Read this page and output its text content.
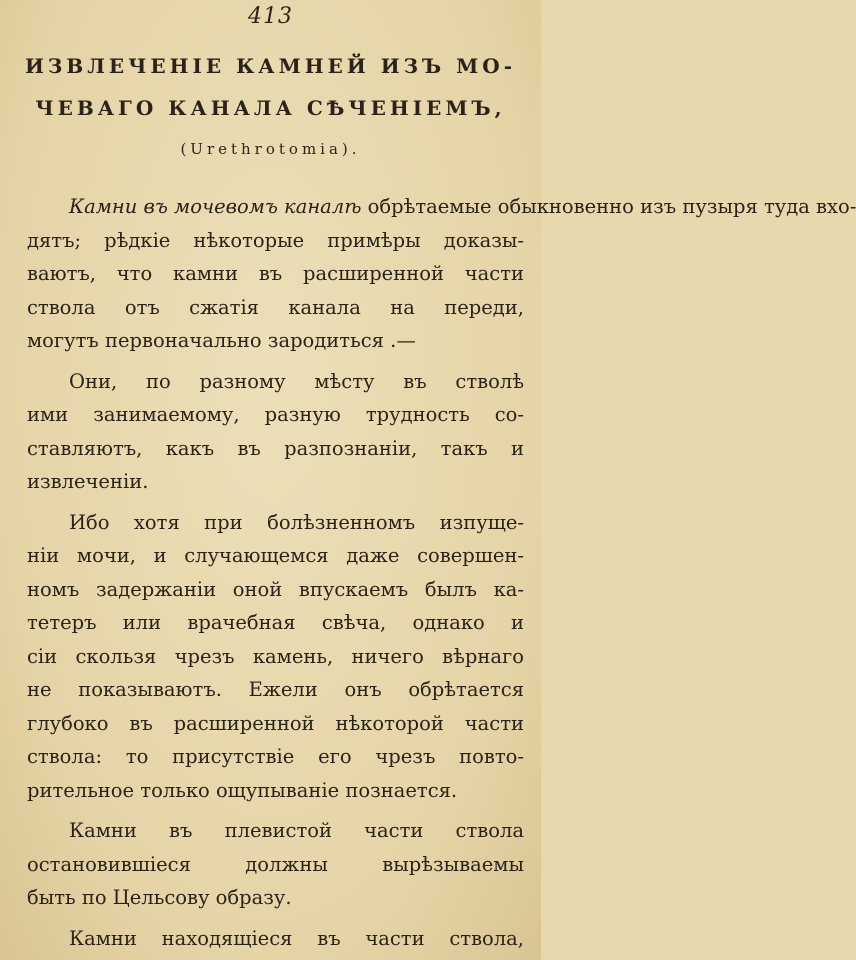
413
ИЗВЛЕЧЕНІЕ КАМНЕЙ ИЗЪ МО-
ЧЕВАГО КАНАЛА СѢЧЕНІЕМЪ,
(Urethrotomia).
Камни въ мочевомъ каналѣ обрѣтаемые обыкновенно изъ пузыря туда вхо-
дятъ; рѣдкіе нѣкоторые примѣры доказы-
ваютъ, что камни въ расширенной части
ствола отъ сжатія канала на переди,
могутъ первоначально зародиться .—
Они, по разному мѣсту въ стволѣ
ими занимаемому, разную трудность со-
ставляютъ, какъ въ разпознаніи, такъ и
извлеченіи.
Ибо хотя при болѣзненномъ изпуще-
ніи мочи, и случающемся даже совершен-
номъ задержаніи оной впускаемъ былъ ка-
тетеръ или врачебная свѣча, однако и
сіи скользя чрезъ камень, ничего вѣрнаго
не показываютъ. Ежели онъ обрѣтается
глубоко въ расширенной нѣкоторой части
ствола: то присутствіе его чрезъ повто-
рительное только ощупываніе познается.
Камни въ плевистой части ствола
остановившіеся должны вырѣзываемы
быть по Цельсову образу.
Камни находящіеся въ части ствола,
